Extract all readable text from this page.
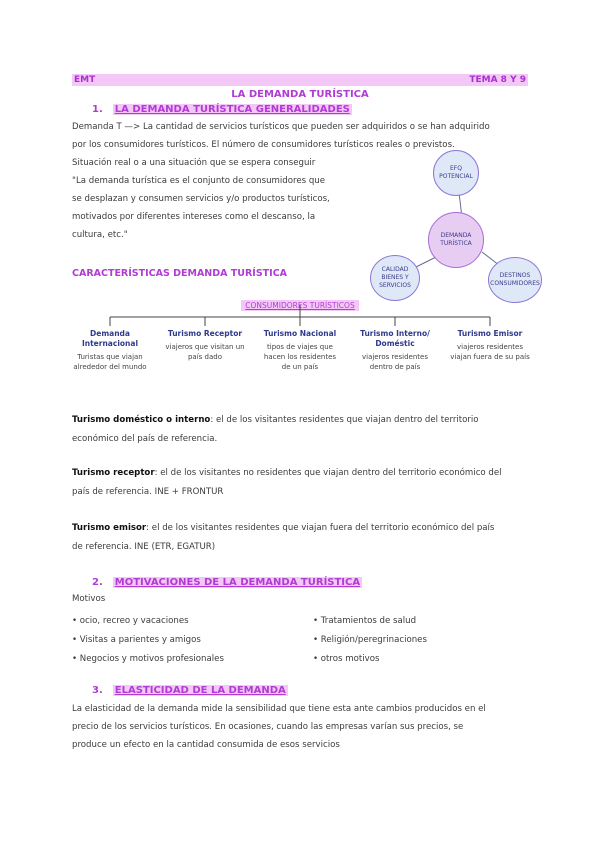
EMT	TEMA 8 Y 9
LA DEMANDA TURÍSTICA
1. LA DEMANDA TURÍSTICA GENERALIDADES
Demanda T —> La cantidad de servicios turísticos que pueden ser adquiridos o se han adquirido
por los consumidores turísticos. El número de consumidores turísticos reales o previstos.
Situación real o a una situación que se espera conseguir
"La demanda turística es el conjunto de consumidores que
se desplazan y consumen servicios y/o productos turísticos,
motivados por diferentes intereses como el descanso, la
cultura, etc."
EFQ POTENCIAL
DEMANDA TURÍSTICA
CALIDAD BIENES Y SERVICIOS
DESTINOS CONSUMIDORES
CARACTERÍSTICAS DEMANDA TURÍSTICA
CONSUMIDORES TURÍSTICOS
Demanda Internacional
Turistas que viajan alrededor del mundo
Turismo Receptor
viajeros que visitan un país dado
Turismo Nacional
tipos de viajes que hacen los residentes de un país
Turismo Interno/ Doméstic
viajeros residentes dentro de país
Turismo Emisor
viajeros residentes viajan fuera de su país
Turismo doméstico o interno: el de los visitantes residentes que viajan dentro del territorio
económico del país de referencia.
Turismo receptor: el de los visitantes no residentes que viajan dentro del territorio económico del
país de referencia. INE + FRONTUR
Turismo emisor: el de los visitantes residentes que viajan fuera del territorio económico del país
de referencia. INE (ETR, EGATUR)
2. MOTIVACIONES DE LA DEMANDA TURÍSTICA
Motivos
• ocio, recreo y vacaciones
• Visitas a parientes y amigos
• Negocios y motivos profesionales
• Tratamientos de salud
• Religión/peregrinaciones
• otros motivos
3. ELASTICIDAD DE LA DEMANDA
La elasticidad de la demanda mide la sensibilidad que tiene esta ante cambios producidos en el
precio de los servicios turísticos. En ocasiones, cuando las empresas varían sus precios, se
produce un efecto en la cantidad consumida de esos servicios
